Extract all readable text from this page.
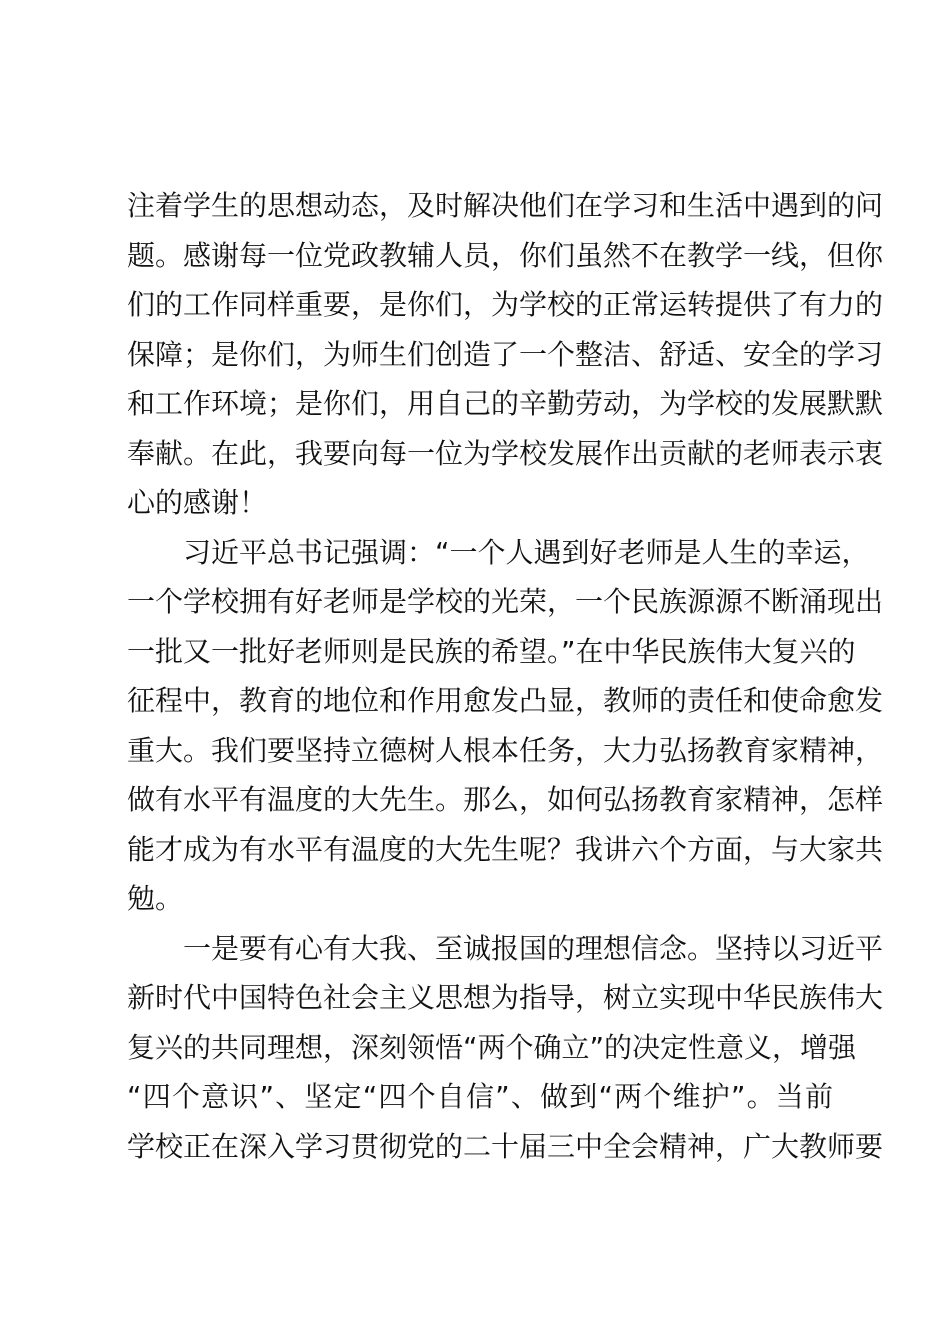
注着学生的思想动态，及时解决他们在学习和生活中遇到的问
题。感谢每一位党政教辅人员，你们虽然不在教学一线，但你
们的工作同样重要，是你们，为学校的正常运转提供了有力的
保障；是你们，为师生们创造了一个整洁、舒适、安全的学习
和工作环境；是你们，用自己的辛勤劳动，为学校的发展默默
奉献。在此，我要向每一位为学校发展作出贡献的老师表示衷
心的感谢！
习近平总书记强调：“一个人遇到好老师是人生的幸运，
一个学校拥有好老师是学校的光荣，一个民族源源不断涌现出
一批又一批好老师则是民族的希望。”在中华民族伟大复兴的
征程中，教育的地位和作用愈发凸显，教师的责任和使命愈发
重大。我们要坚持立德树人根本任务，大力弘扬教育家精神，
做有水平有温度的大先生。那么，如何弘扬教育家精神，怎样
能才成为有水平有温度的大先生呢？我讲六个方面，与大家共
勉。
一是要有心有大我、至诚报国的理想信念。坚持以习近平
新时代中国特色社会主义思想为指导，树立实现中华民族伟大
复兴的共同理想，深刻领悟“两个确立”的决定性意义，增强
“四个意识”、坚定“四个自信”、做到“两个维护”。当前
学校正在深入学习贯彻党的二十届三中全会精神，广大教师要
